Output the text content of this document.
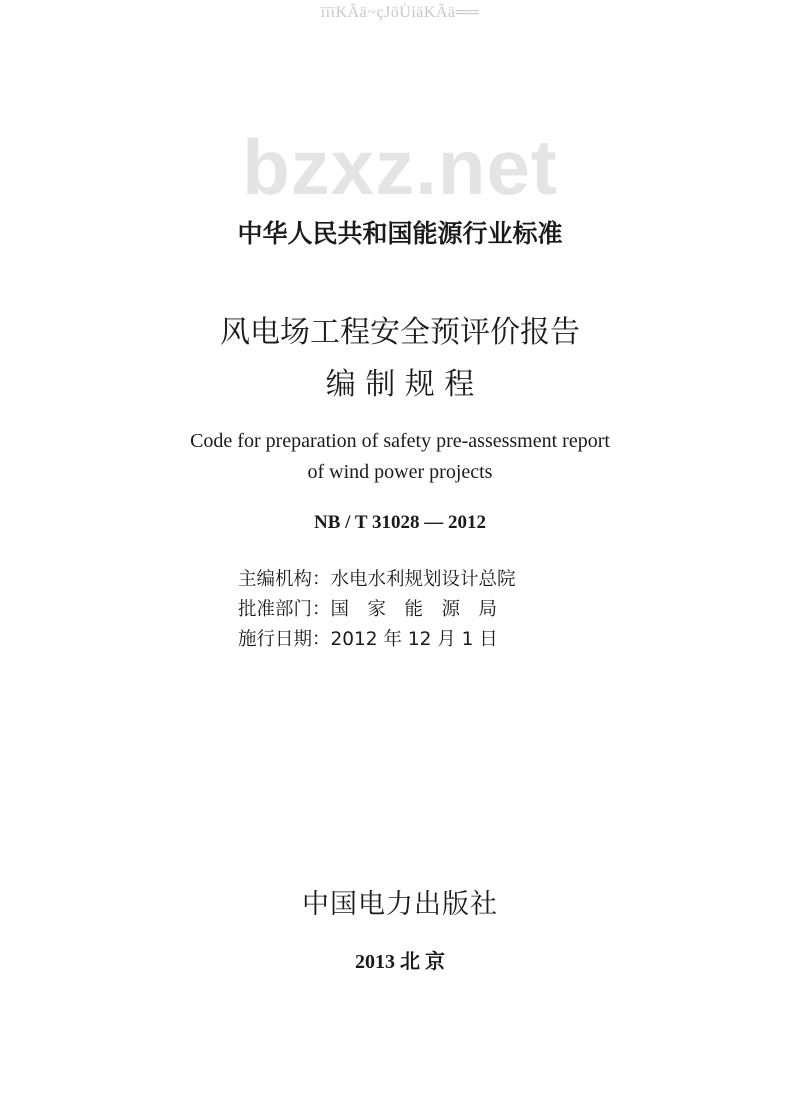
ïïïKÃä~çJöÙiäKÃä══
bzxz.net
中华人民共和国能源行业标准
风电场工程安全预评价报告
编 制 规 程
Code for preparation of safety pre-assessment report
of wind power projects
NB / T 31028 — 2012
主编机构：水电水利规划设计总院
批准部门：国　家　能　源　局
施行日期：2012 年 12 月 1 日
中国电力出版社
2013 北 京
